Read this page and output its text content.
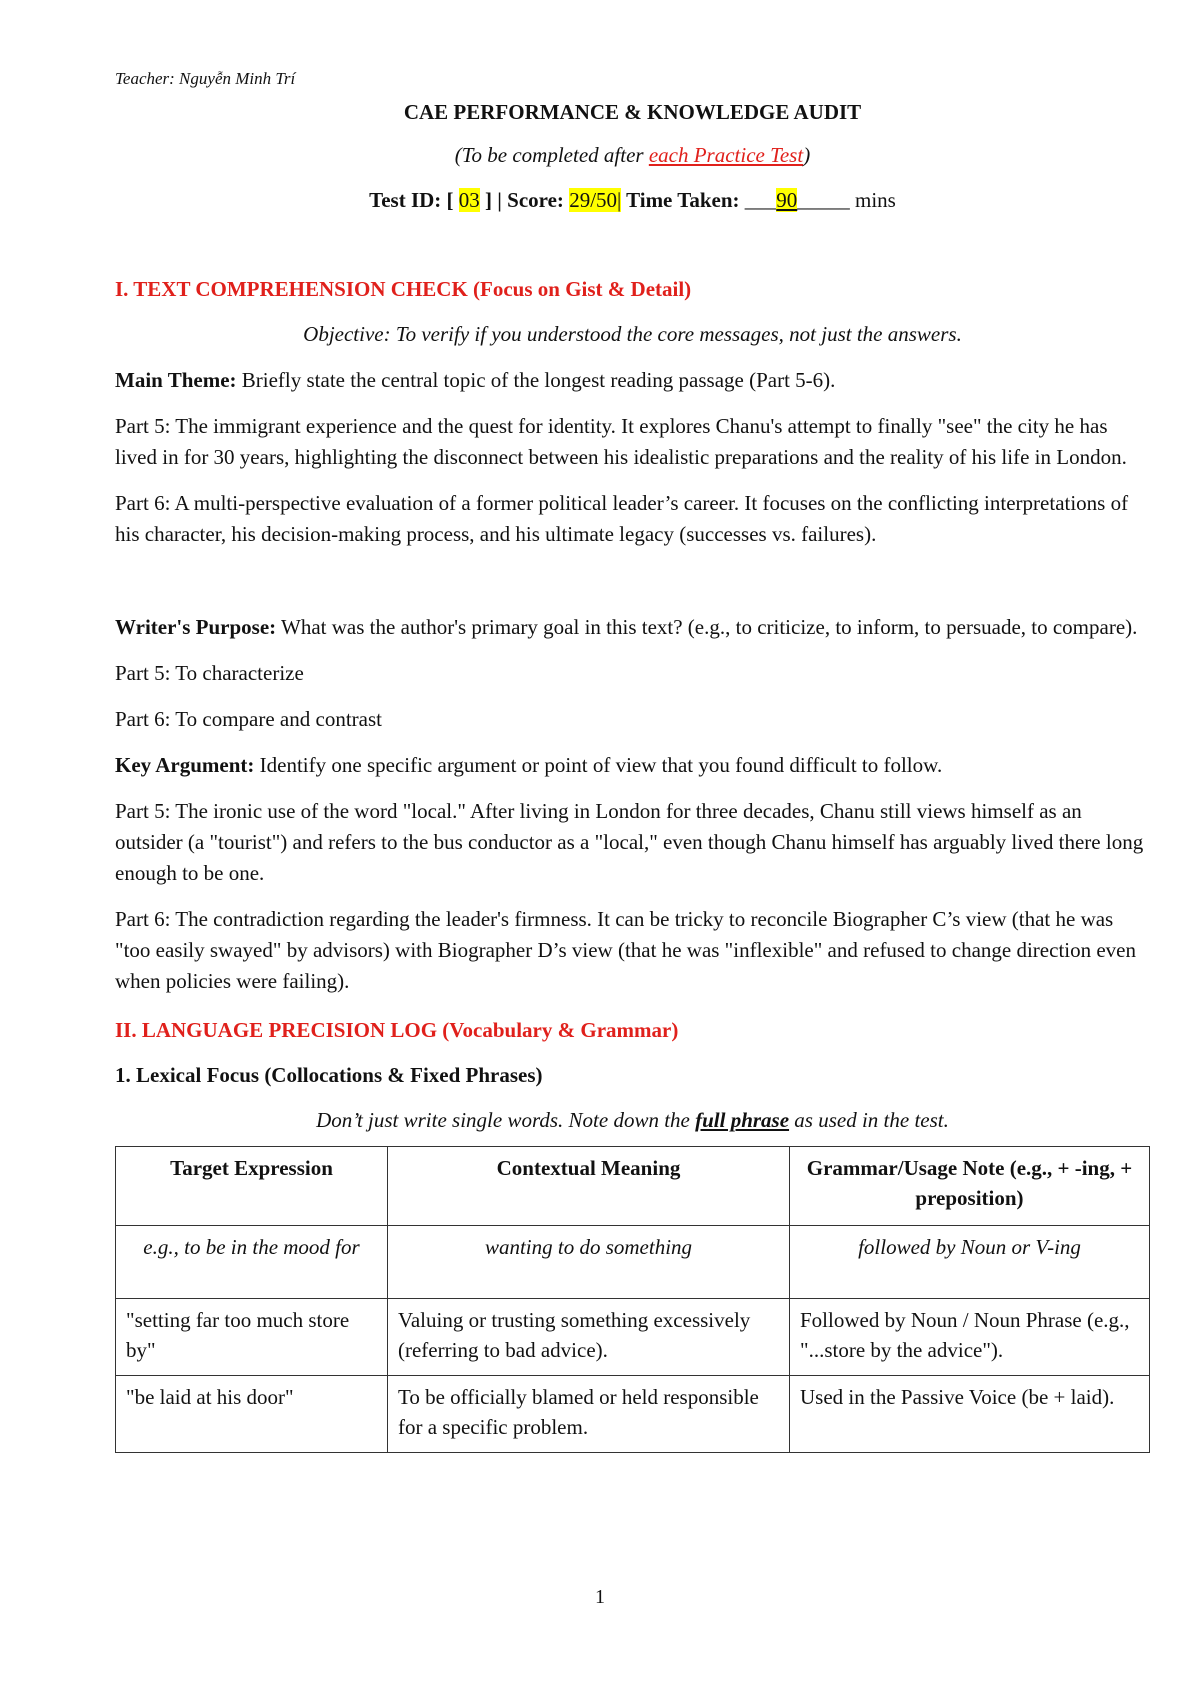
Teacher: Nguyễn Minh Trí

CAE PERFORMANCE & KNOWLEDGE AUDIT

(To be completed after each Practice Test)

Test ID: [ 03 ] | Score: 29/50| Time Taken: ___90_____ mins

I. TEXT COMPREHENSION CHECK (Focus on Gist & Detail)

Objective: To verify if you understood the core messages, not just the answers.

Main Theme: Briefly state the central topic of the longest reading passage (Part 5-6).

Part 5: The immigrant experience and the quest for identity. It explores Chanu's attempt to finally "see" the city he has lived in for 30 years, highlighting the disconnect between his idealistic preparations and the reality of his life in London.

Part 6: A multi-perspective evaluation of a former political leader’s career. It focuses on the conflicting interpretations of his character, his decision-making process, and his ultimate legacy (successes vs. failures).

Writer's Purpose: What was the author's primary goal in this text? (e.g., to criticize, to inform, to persuade, to compare).

Part 5: To characterize

Part 6: To compare and contrast

Key Argument: Identify one specific argument or point of view that you found difficult to follow.

Part 5: The ironic use of the word "local." After living in London for three decades, Chanu still views himself as an outsider (a "tourist") and refers to the bus conductor as a "local," even though Chanu himself has arguably lived there long enough to be one.

Part 6: The contradiction regarding the leader's firmness. It can be tricky to reconcile Biographer C’s view (that he was "too easily swayed" by advisors) with Biographer D’s view (that he was "inflexible" and refused to change direction even when policies were failing).

II. LANGUAGE PRECISION LOG (Vocabulary & Grammar)

1. Lexical Focus (Collocations & Fixed Phrases)

Don’t just write single words. Note down the full phrase as used in the test.

Target Expression	Contextual Meaning	Grammar/Usage Note (e.g., + -ing, + preposition)
e.g., to be in the mood for	wanting to do something	followed by Noun or V-ing
"setting far too much store by"	Valuing or trusting something excessively (referring to bad advice).	Followed by Noun / Noun Phrase (e.g., "...store by the advice").
"be laid at his door"	To be officially blamed or held responsible for a specific problem.	Used in the Passive Voice (be + laid).
1
